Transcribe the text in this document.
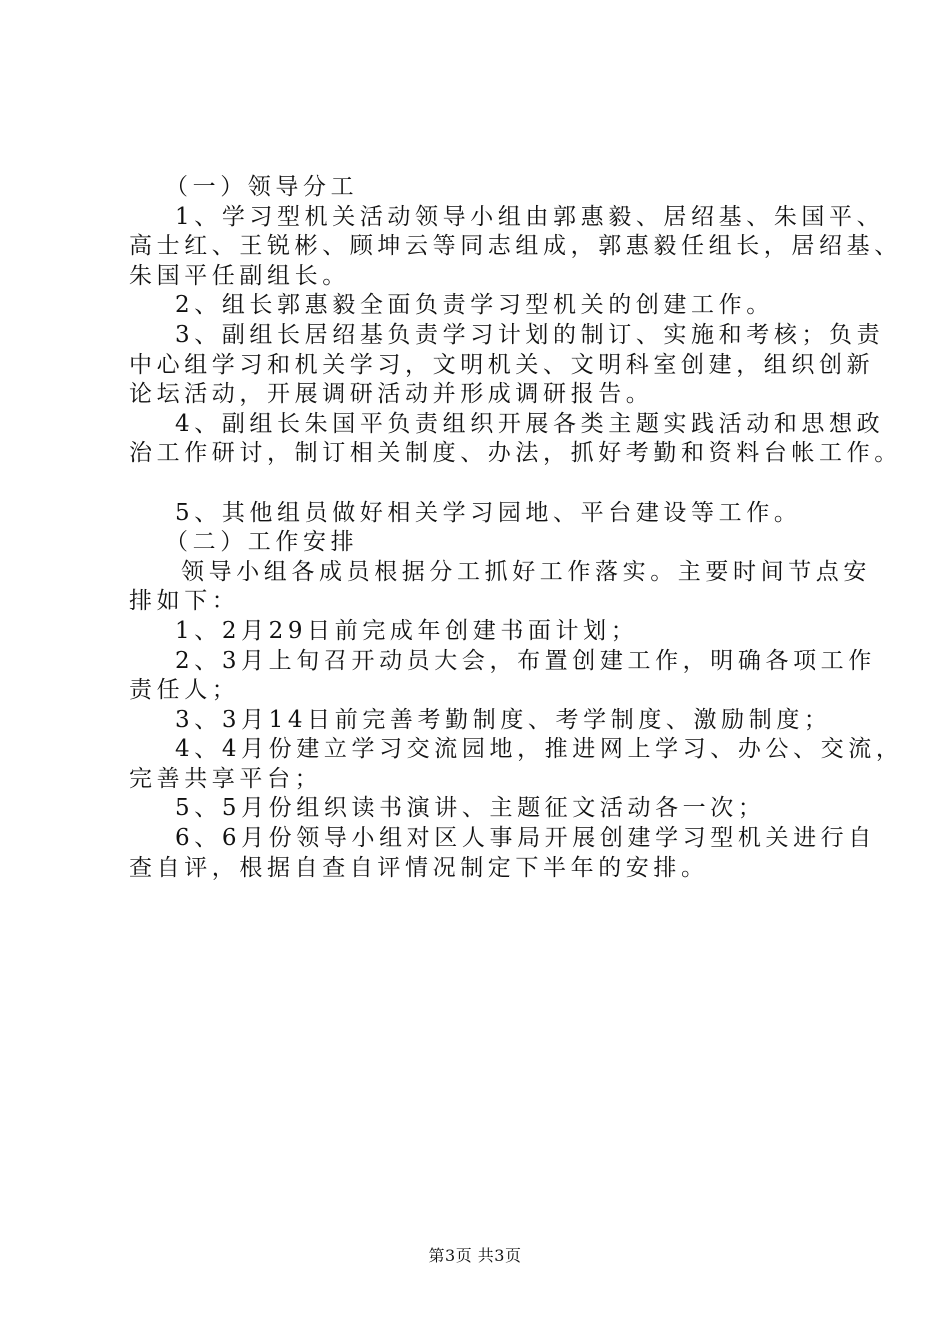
（一）领导分工
1、学习型机关活动领导小组由郭惠毅、居绍基、朱国平、
高士红、王锐彬、顾坤云等同志组成，郭惠毅任组长，居绍基、
朱国平任副组长。
2、组长郭惠毅全面负责学习型机关的创建工作。
3、副组长居绍基负责学习计划的制订、实施和考核；负责
中心组学习和机关学习，文明机关、文明科室创建，组织创新
论坛活动，开展调研活动并形成调研报告。
4、副组长朱国平负责组织开展各类主题实践活动和思想政
治工作研讨，制订相关制度、办法，抓好考勤和资料台帐工作。
5、其他组员做好相关学习园地、平台建设等工作。
（二）工作安排
领导小组各成员根据分工抓好工作落实。主要时间节点安
排如下：
1、2月29日前完成年创建书面计划；
2、3月上旬召开动员大会，布置创建工作，明确各项工作
责任人；
3、3月14日前完善考勤制度、考学制度、激励制度；
4、4月份建立学习交流园地，推进网上学习、办公、交流，
完善共享平台；
5、5月份组织读书演讲、主题征文活动各一次；
6、6月份领导小组对区人事局开展创建学习型机关进行自
查自评，根据自查自评情况制定下半年的安排。
第3页 共3页
